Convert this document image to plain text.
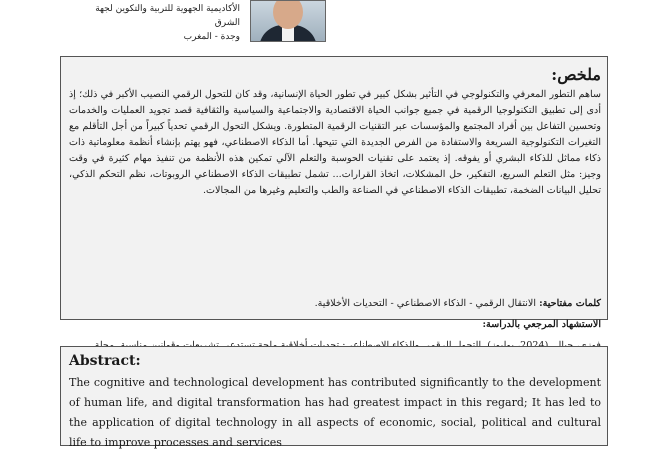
الأكاديمية الجهوية للتربية والتكوين لجهة الشرق
وجدة - المغرب
ملخص:
ساهم التطور المعرفي والتكنولوجي في التأثير بشكل كبير في تطور الحياة الإنسانية، وقد كان للتحول الرقمي النصيب الأكبر في ذلك؛ إذ أدى إلى تطبيق التكنولوجيا الرقمية في جميع جوانب الحياة الاقتصادية والاجتماعية والسياسية والثقافية قصد تجويد العمليات والخدمات وتحسين التفاعل بين أفراد المجتمع والمؤسسات عبر التقنيات الرقمية المتطورة. ويشكل التحول الرقمي تحدياً كبيراً من أجل التأقلم مع التغيرات التكنولوجية السريعة والاستفادة من الفرص الجديدة التي تتيحها. أما الذكاء الاصطناعي، فهو يهتم بإنشاء أنظمة معلوماتية ذات ذكاء مماثل للذكاء البشري أو يفوقه. إذ يعتمد على تقنيات الحوسبة والتعلم الآلي تمكين هذه الأنظمة من تنفيذ مهام كثيرة في وقت وجيز: مثل التعلم السريع، التفكير، حل المشكلات، اتخاذ القرارات... تشمل تطبيقات الذكاء الاصطناعي الروبوتات، نظم التحكم الذكي، تحليل البيانات الضخمة، تطبيقات الذكاء الاصطناعي في الصناعة والطب والتعليم وغيرها من المجالات.
كلمات مفتاحية: الانتقال الرقمي - الذكاء الاصطناعي - التحديات الأخلاقية.
الاستشهاد المرجعي بالدراسة:
Abstract:
The cognitive and technological development has contributed significantly to the development of human life, and digital transformation has had greatest impact in this regard; It has led to the application of digital technology in all aspects of economic, social, political and cultural life to improve processes and services
